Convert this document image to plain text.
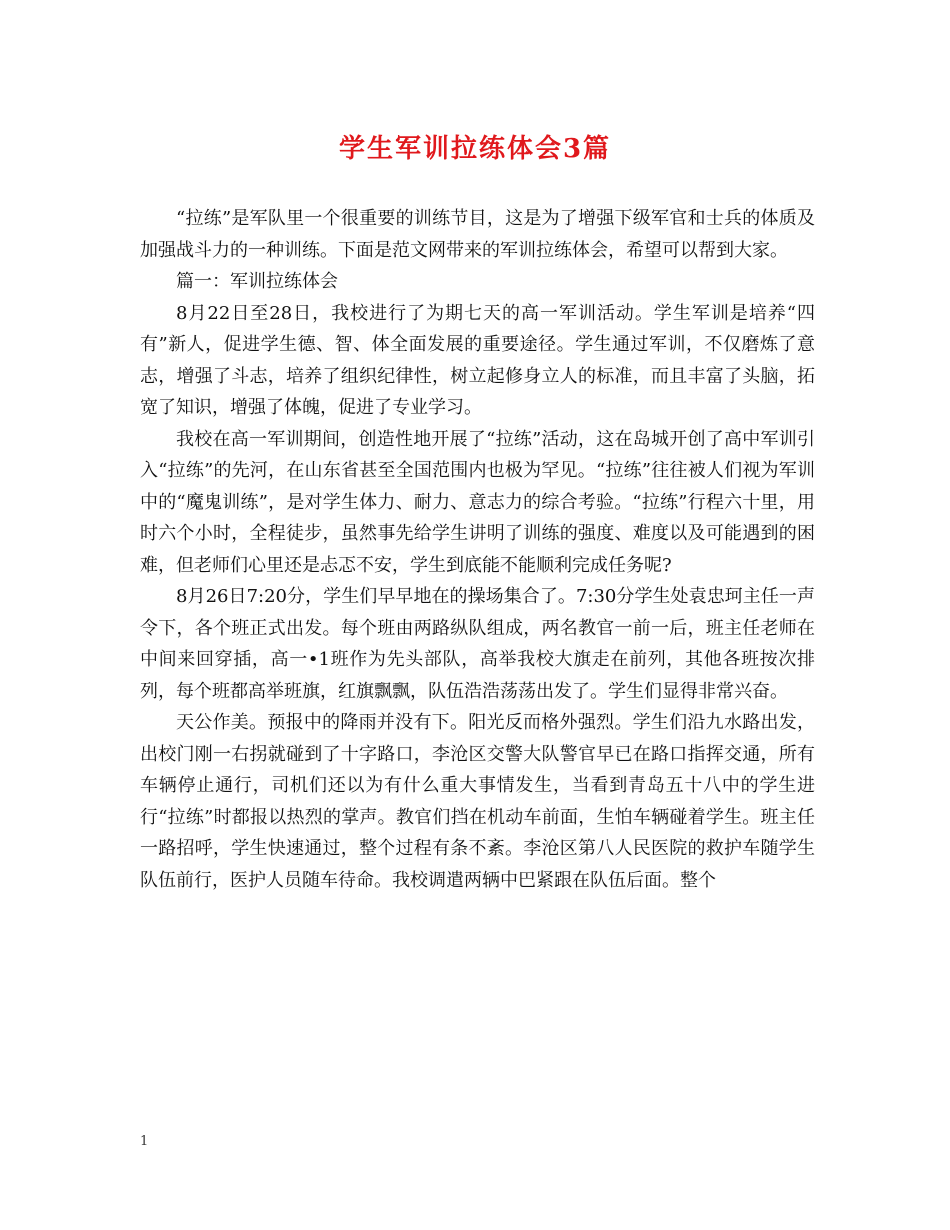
学生军训拉练体会3篇

“拉练”是军队里一个很重要的训练节目，这是为了增强下级军官和士兵的体质及加强战斗力的一种训练。下面是范文网带来的军训拉练体会，希望可以帮到大家。

篇一：军训拉练体会

8月22日至28日，我校进行了为期七天的高一军训活动。学生军训是培养“四有”新人，促进学生德、智、体全面发展的重要途径。学生通过军训，不仅磨炼了意志，增强了斗志，培养了组织纪律性，树立起修身立人的标准，而且丰富了头脑，拓宽了知识，增强了体魄，促进了专业学习。

我校在高一军训期间，创造性地开展了“拉练”活动，这在岛城开创了高中军训引入“拉练”的先河，在山东省甚至全国范围内也极为罕见。“拉练”往往被人们视为军训中的“魔鬼训练”，是对学生体力、耐力、意志力的综合考验。“拉练”行程六十里，用时六个小时，全程徒步，虽然事先给学生讲明了训练的强度、难度以及可能遇到的困难，但老师们心里还是忐忑不安，学生到底能不能顺利完成任务呢?

8月26日7:20分，学生们早早地在的操场集合了。7:30分学生处袁忠珂主任一声令下，各个班正式出发。每个班由两路纵队组成，两名教官一前一后，班主任老师在中间来回穿插，高一•1班作为先头部队，高举我校大旗走在前列，其他各班按次排列，每个班都高举班旗，红旗飘飘，队伍浩浩荡荡出发了。学生们显得非常兴奋。

天公作美。预报中的降雨并没有下。阳光反而格外强烈。学生们沿九水路出发，出校门刚一右拐就碰到了十字路口，李沧区交警大队警官早已在路口指挥交通，所有车辆停止通行，司机们还以为有什么重大事情发生，当看到青岛五十八中的学生进行“拉练”时都报以热烈的掌声。教官们挡在机动车前面，生怕车辆碰着学生。班主任一路招呼，学生快速通过，整个过程有条不紊。李沧区第八人民医院的救护车随学生队伍前行，医护人员随车待命。我校调遣两辆中巴紧跟在队伍后面。整个

1
